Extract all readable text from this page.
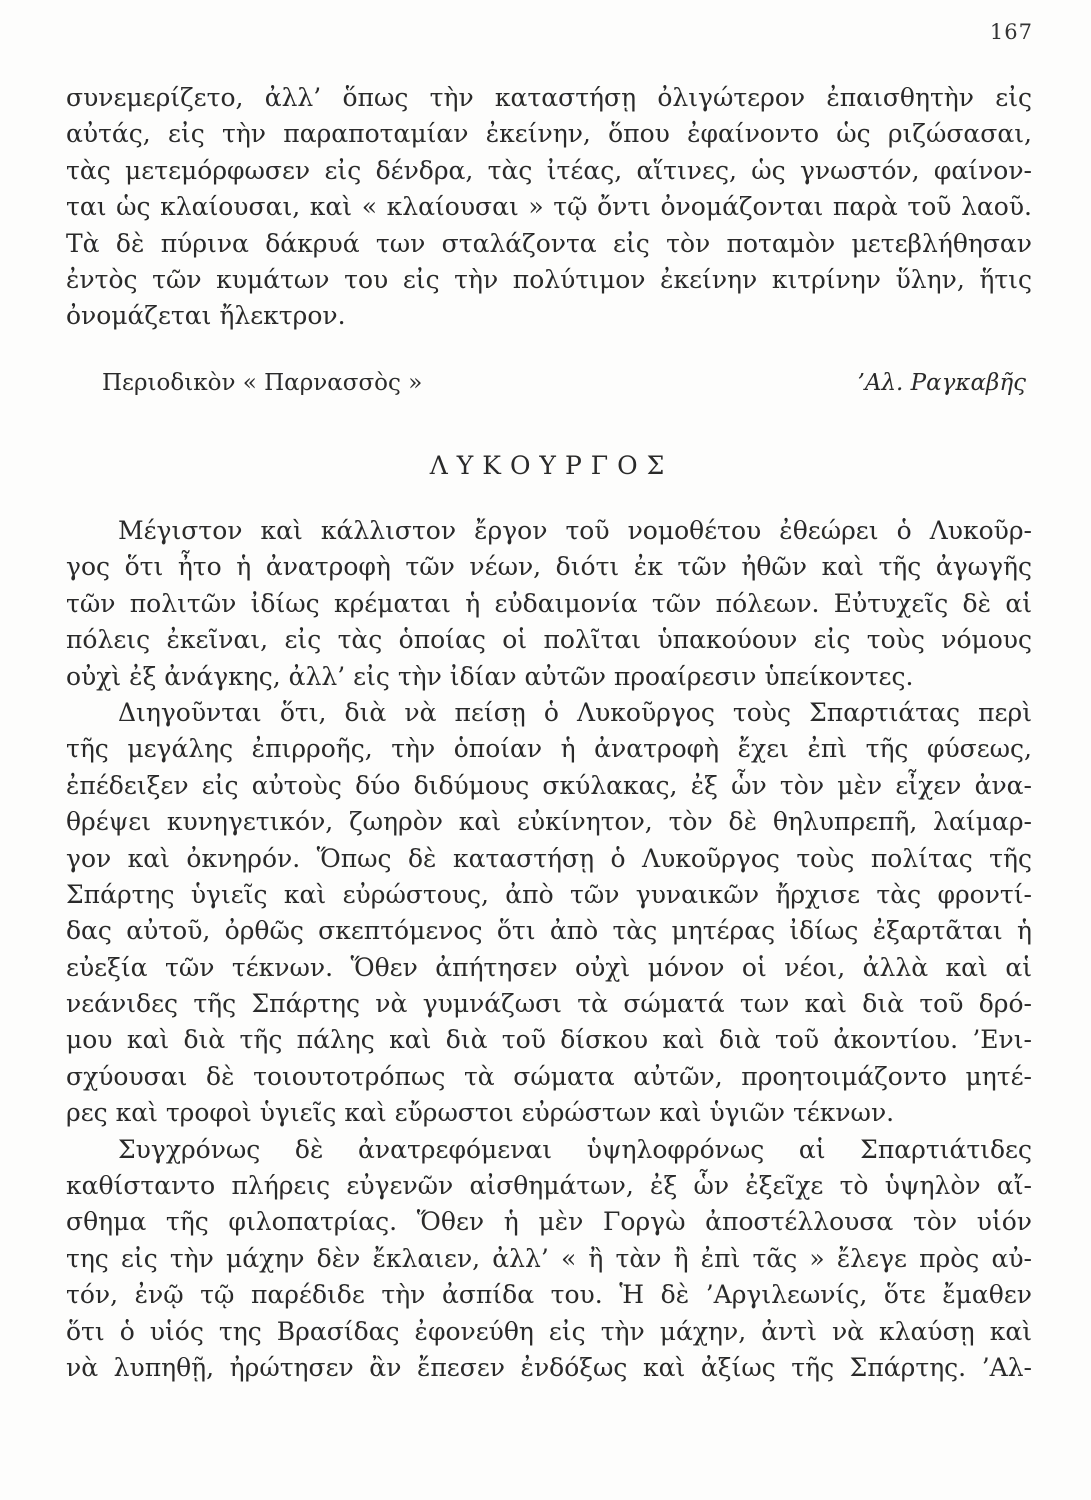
167
συνεμερίζετο, ἀλλ’ ὅπως τὴν καταστήσῃ ὀλιγώτερον ἐπαισθητὴν εἰς
αὐτάς, εἰς τὴν παραποταμίαν ἐκείνην, ὅπου ἐφαίνοντο ὡς ριζώσασαι,
τὰς μετεμόρφωσεν εἰς δένδρα, τὰς ἰτέας, αἵτινες, ὡς γνωστόν, φαίνον-
ται ὡς κλαίουσαι, καὶ « κλαίουσαι » τῷ ὄντι ὀνομάζονται παρὰ τοῦ λαοῦ.
Τὰ δὲ πύρινα δάκρυά των σταλάζοντα εἰς τὸν ποταμὸν μετεβλήθησαν
ἐντὸς τῶν κυμάτων του εἰς τὴν πολύτιμον ἐκείνην κιτρίνην ὕλην, ἥτις
ὀνομάζεται ἤλεκτρον.
Περιοδικὸν « Παρνασσὸς »	’Αλ. Ραγκαβῆς
ΛΥΚΟΥΡΓΟΣ
Μέγιστον καὶ κάλλιστον ἔργον τοῦ νομοθέτου ἐθεώρει ὁ Λυκοῦρ-
γος ὅτι ἦτο ἡ ἀνατροφὴ τῶν νέων, διότι ἐκ τῶν ἠθῶν καὶ τῆς ἀγωγῆς
τῶν πολιτῶν ἰδίως κρέμαται ἡ εὐδαιμονία τῶν πόλεων. Εὐτυχεῖς δὲ αἱ
πόλεις ἐκεῖναι, εἰς τὰς ὁποίας οἱ πολῖται ὑπακούουν εἰς τοὺς νόμους
οὐχὶ ἐξ ἀνάγκης, ἀλλ’ εἰς τὴν ἰδίαν αὐτῶν προαίρεσιν ὑπείκοντες.
Διηγοῦνται ὅτι, διὰ νὰ πείσῃ ὁ Λυκοῦργος τοὺς Σπαρτιάτας περὶ
τῆς μεγάλης ἐπιρροῆς, τὴν ὁποίαν ἡ ἀνατροφὴ ἔχει ἐπὶ τῆς φύσεως,
ἐπέδειξεν εἰς αὐτοὺς δύο διδύμους σκύλακας, ἐξ ὧν τὸν μὲν εἶχεν ἀνα-
θρέψει κυνηγετικόν, ζωηρὸν καὶ εὐκίνητον, τὸν δὲ θηλυπρεπῆ, λαίμαρ-
γον καὶ ὀκνηρόν. Ὅπως δὲ καταστήσῃ ὁ Λυκοῦργος τοὺς πολίτας τῆς
Σπάρτης ὑγιεῖς καὶ εὐρώστους, ἀπὸ τῶν γυναικῶν ἤρχισε τὰς φροντί-
δας αὐτοῦ, ὀρθῶς σκεπτόμενος ὅτι ἀπὸ τὰς μητέρας ἰδίως ἐξαρτᾶται ἡ
εὐεξία τῶν τέκνων. Ὅθεν ἀπήτησεν οὐχὶ μόνον οἱ νέοι, ἀλλὰ καὶ αἱ
νεάνιδες τῆς Σπάρτης νὰ γυμνάζωσι τὰ σώματά των καὶ διὰ τοῦ δρό-
μου καὶ διὰ τῆς πάλης καὶ διὰ τοῦ δίσκου καὶ διὰ τοῦ ἀκοντίου. ’Ενι-
σχύουσαι δὲ τοιουτοτρόπως τὰ σώματα αὐτῶν, προητοιμάζοντο μητέ-
ρες καὶ τροφοὶ ὑγιεῖς καὶ εὔρωστοι εὐρώστων καὶ ὑγιῶν τέκνων.
Συγχρόνως δὲ ἀνατρεφόμεναι ὑψηλοφρόνως αἱ Σπαρτιάτιδες
καθίσταντο πλήρεις εὐγενῶν αἰσθημάτων, ἐξ ὧν ἐξεῖχε τὸ ὑψηλὸν αἴ-
σθημα τῆς φιλοπατρίας. Ὅθεν ἡ μὲν Γοργὼ ἀποστέλλουσα τὸν υἱόν
της εἰς τὴν μάχην δὲν ἔκλαιεν, ἀλλ’ « ἢ τὰν ἢ ἐπὶ τᾶς » ἔλεγε πρὸς αὐ-
τόν, ἐνῷ τῷ παρέδιδε τὴν ἀσπίδα του. Ἡ δὲ ’Αργιλεωνίς, ὅτε ἔμαθεν
ὅτι ὁ υἱός της Βρασίδας ἐφονεύθη εἰς τὴν μάχην, ἀντὶ νὰ κλαύσῃ καὶ
νὰ λυπηθῇ, ἠρώτησεν ἂν ἔπεσεν ἐνδόξως καὶ ἀξίως τῆς Σπάρτης. ’Αλ-
